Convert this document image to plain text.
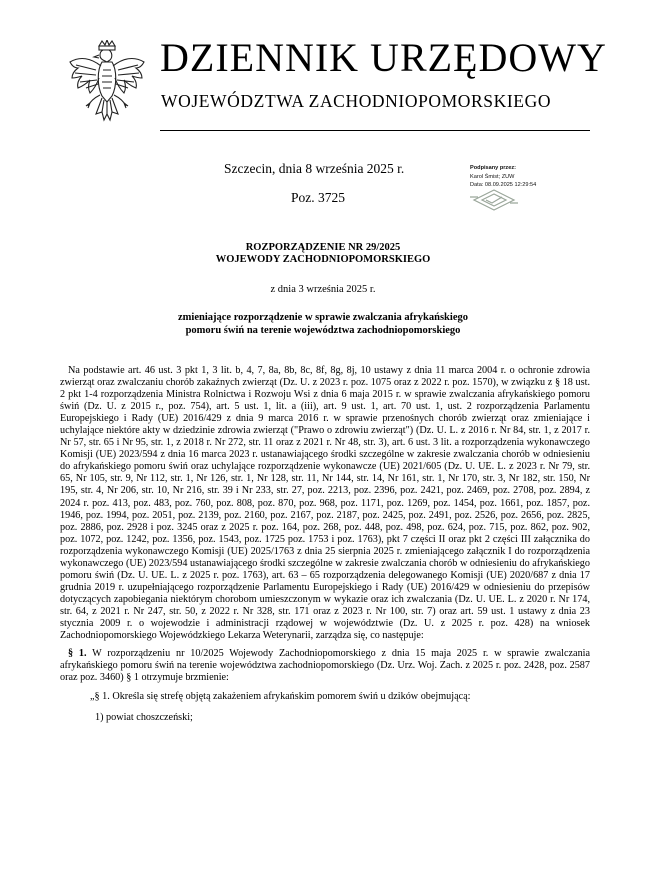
DZIENNIK URZĘDOWY
WOJEWÓDZTWA ZACHODNIOPOMORSKIEGO
Szczecin, dnia 8 września 2025 r.
Poz. 3725
Podpisany przez:
Karol Śmist; ZUW
Data: 08.09.2025 12:29:54
ROZPORZĄDZENIE NR 29/2025
WOJEWODY ZACHODNIOPOMORSKIEGO
z dnia 3 września 2025 r.
zmieniające rozporządzenie w sprawie zwalczania afrykańskiego pomoru świń na terenie województwa zachodniopomorskiego

Na podstawie art. 46 ust. 3 pkt 1, 3 lit. b, 4, 7, 8a, 8b, 8c, 8f, 8g, 8j, 10 ustawy z dnia 11 marca 2004 r. o ochronie zdrowia zwierząt oraz zwalczaniu chorób zakaźnych zwierząt (Dz. U. z 2023 r. poz. 1075 oraz z 2022 r. poz. 1570), w związku z § 18 ust. 2 pkt 1-4 rozporządzenia Ministra Rolnictwa i Rozwoju Wsi z dnia 6 maja 2015 r. w sprawie zwalczania afrykańskiego pomoru świń (Dz. U. z 2015 r., poz. 754), art. 5 ust. 1, lit. a (iii), art. 9 ust. 1, art. 70 ust. 1, ust. 2 rozporządzenia Parlamentu Europejskiego i Rady (UE) 2016/429 z dnia 9 marca 2016 r. w sprawie przenośnych chorób zwierząt oraz zmieniające i uchylające niektóre akty w dziedzinie zdrowia zwierząt ("Prawo o zdrowiu zwierząt") (Dz. U. L. z 2016 r. Nr 84, str. 1, z 2017 r. Nr 57, str. 65 i Nr 95, str. 1, z 2018 r. Nr 272, str. 11 oraz z 2021 r. Nr 48, str. 3), art. 6 ust. 3 lit. a rozporządzenia wykonawczego Komisji (UE) 2023/594 z dnia 16 marca 2023 r. ustanawiającego środki szczególne w zakresie zwalczania chorób w odniesieniu do afrykańskiego pomoru świń oraz uchylające rozporządzenie wykonawcze (UE) 2021/605 (Dz. U. UE. L. z 2023 r. Nr 79, str. 65, Nr 105, str. 9, Nr 112, str. 1, Nr 126, str. 1, Nr 128, str. 11, Nr 144, str. 14, Nr 161, str. 1, Nr 170, str. 3, Nr 182, str. 150, Nr 195, str. 4, Nr 206, str. 10, Nr 216, str. 39 i Nr 233, str. 27, poz. 2213, poz. 2396, poz. 2421, poz. 2469, poz. 2708, poz. 2894, z 2024 r. poz. 413, poz. 483, poz. 760, poz. 808, poz. 870, poz. 968, poz. 1171, poz. 1269, poz. 1454, poz. 1661, poz. 1857, poz. 1946, poz. 1994, poz. 2051, poz. 2139, poz. 2160, poz. 2167, poz. 2187, poz. 2425, poz. 2491, poz. 2526, poz. 2656, poz. 2825, poz. 2886, poz. 2928 i poz. 3245 oraz z 2025 r. poz. 164, poz. 268, poz. 448, poz. 498, poz. 624, poz. 715, poz. 862, poz. 902, poz. 1072, poz. 1242, poz. 1356, poz. 1543, poz. 1725 poz. 1753 i poz. 1763), pkt 7 części II oraz pkt 2 części III załącznika do rozporządzenia wykonawczego Komisji (UE) 2025/1763 z dnia 25 sierpnia 2025 r. zmieniającego załącznik I do rozporządzenia wykonawczego (UE) 2023/594 ustanawiającego środki szczególne w zakresie zwalczania chorób w odniesieniu do afrykańskiego pomoru świń (Dz. U. UE. L. z 2025 r. poz. 1763), art. 63 – 65 rozporządzenia delegowanego Komisji (UE) 2020/687 z dnia 17 grudnia 2019 r. uzupełniającego rozporządzenie Parlamentu Europejskiego i Rady (UE) 2016/429 w odniesieniu do przepisów dotyczących zapobiegania niektórym chorobom umieszczonym w wykazie oraz ich zwalczania (Dz. U. UE. L. z 2020 r. Nr 174, str. 64, z 2021 r. Nr 247, str. 50, z 2022 r. Nr 328, str. 171 oraz z 2023 r. Nr 100, str. 7) oraz art. 59 ust. 1 ustawy z dnia 23 stycznia 2009 r. o wojewodzie i administracji rządowej w województwie (Dz. U. z 2025 r. poz. 428) na wniosek Zachodniopomorskiego Wojewódzkiego Lekarza Weterynarii, zarządza się, co następuje:

§ 1. W rozporządzeniu nr 10/2025 Wojewody Zachodniopomorskiego z dnia 15 maja 2025 r. w sprawie zwalczania afrykańskiego pomoru świń na terenie województwa zachodniopomorskiego (Dz. Urz. Woj. Zach. z 2025 r. poz. 2428, poz. 2587 oraz poz. 3460) § 1 otrzymuje brzmienie:

„§ 1. Określa się strefę objętą zakażeniem afrykańskim pomorem świń u dzików obejmującą:
1) powiat choszczeński;
